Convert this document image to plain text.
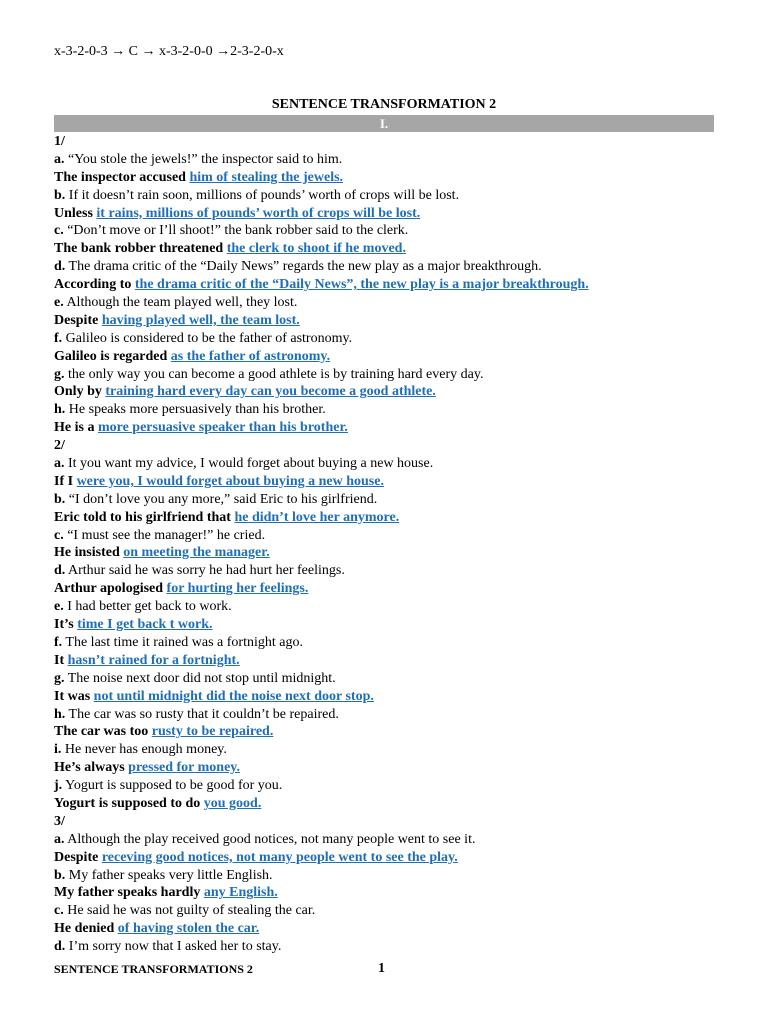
x-3-2-0-3 → C → x-3-2-0-0 →2-3-2-0-x
SENTENCE TRANSFORMATION 2
I.
1/
a. “You stole the jewels!” the inspector said to him.
The inspector accused him of stealing the jewels.
b. If it doesn’t rain soon, millions of pounds’ worth of crops will be lost.
Unless it rains, millions of pounds’ worth of crops will be lost.
c. “Don’t move or I’ll shoot!” the bank robber said to the clerk.
The bank robber threatened the clerk to shoot if he moved.
d. The drama critic of the “Daily News” regards the new play as a major breakthrough.
According to the drama critic of the “Daily News”, the new play is a major breakthrough.
e. Although the team played well, they lost.
Despite having played well, the team lost.
f. Galileo is considered to be the father of astronomy.
Galileo is regarded as the father of astronomy.
g. the only way you can become a good athlete is by training hard every day.
Only by training hard every day can you become a good athlete.
h. He speaks more persuasively than his brother.
He is a more persuasive speaker than his brother.
2/
a. It you want my advice, I would forget about buying a new house.
If I were you, I would forget about buying a new house.
b. “I don’t love you any more,” said Eric to his girlfriend.
Eric told to his girlfriend that he didn’t love her anymore.
c. “I must see the manager!” he cried.
He insisted on meeting the manager.
d. Arthur said he was sorry he had hurt her feelings.
Arthur apologised for hurting her feelings.
e. I had better get back to work.
It’s time I get back t work.
f. The last time it rained was a fortnight ago.
It hasn’t rained for a fortnight.
g. The noise next door did not stop until midnight.
It was not until midnight did the noise next door stop.
h. The car was so rusty that it couldn’t be repaired.
The car was too rusty to be repaired.
i. He never has enough money.
He’s always pressed for money.
j. Yogurt is supposed to be good for you.
Yogurt is supposed to do you good.
3/
a. Although the play received good notices, not many people went to see it.
Despite receving good notices, not many people went to see the play.
b. My father speaks very little English.
My father speaks hardly any English.
c. He said he was not guilty of stealing the car.
He denied of having stolen the car.
d. I’m sorry now that I asked her to stay.
SENTENCE TRANSFORMATIONS 2	1
